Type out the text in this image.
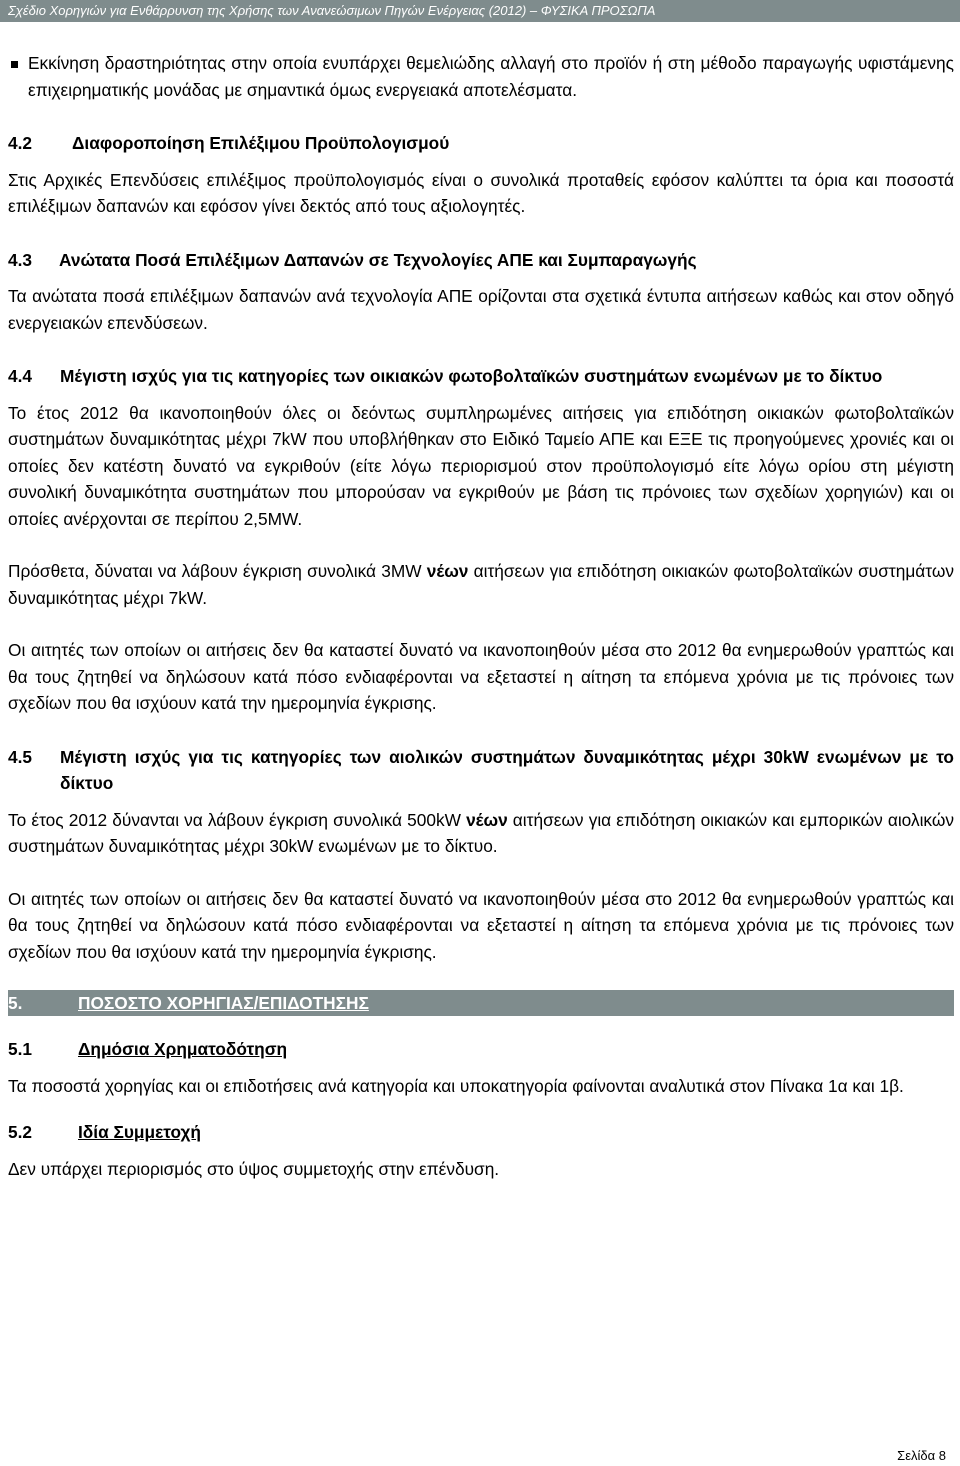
Σχέδιο Χορηγιών για Ενθάρρυνση της Χρήσης των Ανανεώσιμων Πηγών Ενέργειας (2012) – ΦΥΣΙΚΑ ΠΡΟΣΩΠΑ

Εκκίνηση δραστηριότητας στην οποία ενυπάρχει θεμελιώδης αλλαγή στο προϊόν ή στη μέθοδο παραγωγής υφιστάμενης επιχειρηματικής μονάδας με σημαντικά όμως ενεργειακά αποτελέσματα.

4.2	Διαφοροποίηση Επιλέξιμου Προϋπολογισμού

Στις Αρχικές Επενδύσεις επιλέξιμος προϋπολογισμός είναι ο συνολικά προταθείς εφόσον καλύπτει τα όρια και ποσοστά επιλέξιμων δαπανών και εφόσον γίνει δεκτός από τους αξιολογητές.

4.3	Ανώτατα Ποσά Επιλέξιμων Δαπανών σε Τεχνολογίες ΑΠΕ και Συμπαραγωγής

Τα ανώτατα ποσά επιλέξιμων δαπανών ανά τεχνολογία ΑΠΕ ορίζονται στα σχετικά έντυπα αιτήσεων καθώς και στον οδηγό ενεργειακών επενδύσεων.

4.4	Μέγιστη ισχύς για τις κατηγορίες των οικιακών φωτοβολταϊκών συστημάτων ενωμένων με το δίκτυο

Το έτος 2012 θα ικανοποιηθούν όλες οι δεόντως συμπληρωμένες αιτήσεις για επιδότηση οικιακών φωτοβολταϊκών συστημάτων δυναμικότητας μέχρι 7kW που υποβλήθηκαν στο Ειδικό Ταμείο ΑΠΕ και ΕΞΕ τις προηγούμενες χρονιές και οι οποίες δεν κατέστη δυνατό να εγκριθούν (είτε λόγω περιορισμού στον προϋπολογισμό είτε λόγω ορίου στη μέγιστη συνολική δυναμικότητα συστημάτων που μπορούσαν να εγκριθούν με βάση τις πρόνοιες των σχεδίων χορηγιών) και οι οποίες ανέρχονται σε περίπου 2,5MW.

Πρόσθετα, δύναται να λάβουν έγκριση συνολικά 3MW νέων αιτήσεων για επιδότηση οικιακών φωτοβολταϊκών συστημάτων δυναμικότητας μέχρι 7kW.

Οι αιτητές των οποίων οι αιτήσεις δεν θα καταστεί δυνατό να ικανοποιηθούν μέσα στο 2012 θα ενημερωθούν γραπτώς και θα τους ζητηθεί να δηλώσουν κατά πόσο ενδιαφέρονται να εξεταστεί η αίτηση τα επόμενα χρόνια με τις πρόνοιες των σχεδίων που θα ισχύουν κατά την ημερομηνία έγκρισης.

4.5	Μέγιστη ισχύς για τις κατηγορίες των αιολικών συστημάτων δυναμικότητας μέχρι 30kW ενωμένων με το δίκτυο

Το έτος 2012 δύνανται να λάβουν έγκριση συνολικά 500kW νέων αιτήσεων για επιδότηση οικιακών και εμπορικών αιολικών συστημάτων δυναμικότητας μέχρι 30kW ενωμένων με το δίκτυο.

Οι αιτητές των οποίων οι αιτήσεις δεν θα καταστεί δυνατό να ικανοποιηθούν μέσα στο 2012 θα ενημερωθούν γραπτώς και θα τους ζητηθεί να δηλώσουν κατά πόσο ενδιαφέρονται να εξεταστεί η αίτηση τα επόμενα χρόνια με τις πρόνοιες των σχεδίων που θα ισχύουν κατά την ημερομηνία έγκρισης.

5.	ΠΟΣΟΣΤΟ ΧΟΡΗΓΙΑΣ/ΕΠΙΔΟΤΗΣΗΣ
5.1	Δημόσια Χρηματοδότηση

Τα ποσοστά χορηγίας και οι επιδοτήσεις ανά κατηγορία και υποκατηγορία φαίνονται αναλυτικά στον Πίνακα 1α και 1β.

5.2	Ιδία Συμμετοχή

Δεν υπάρχει περιορισμός στο ύψος συμμετοχής στην επένδυση.

Σελίδα 8
